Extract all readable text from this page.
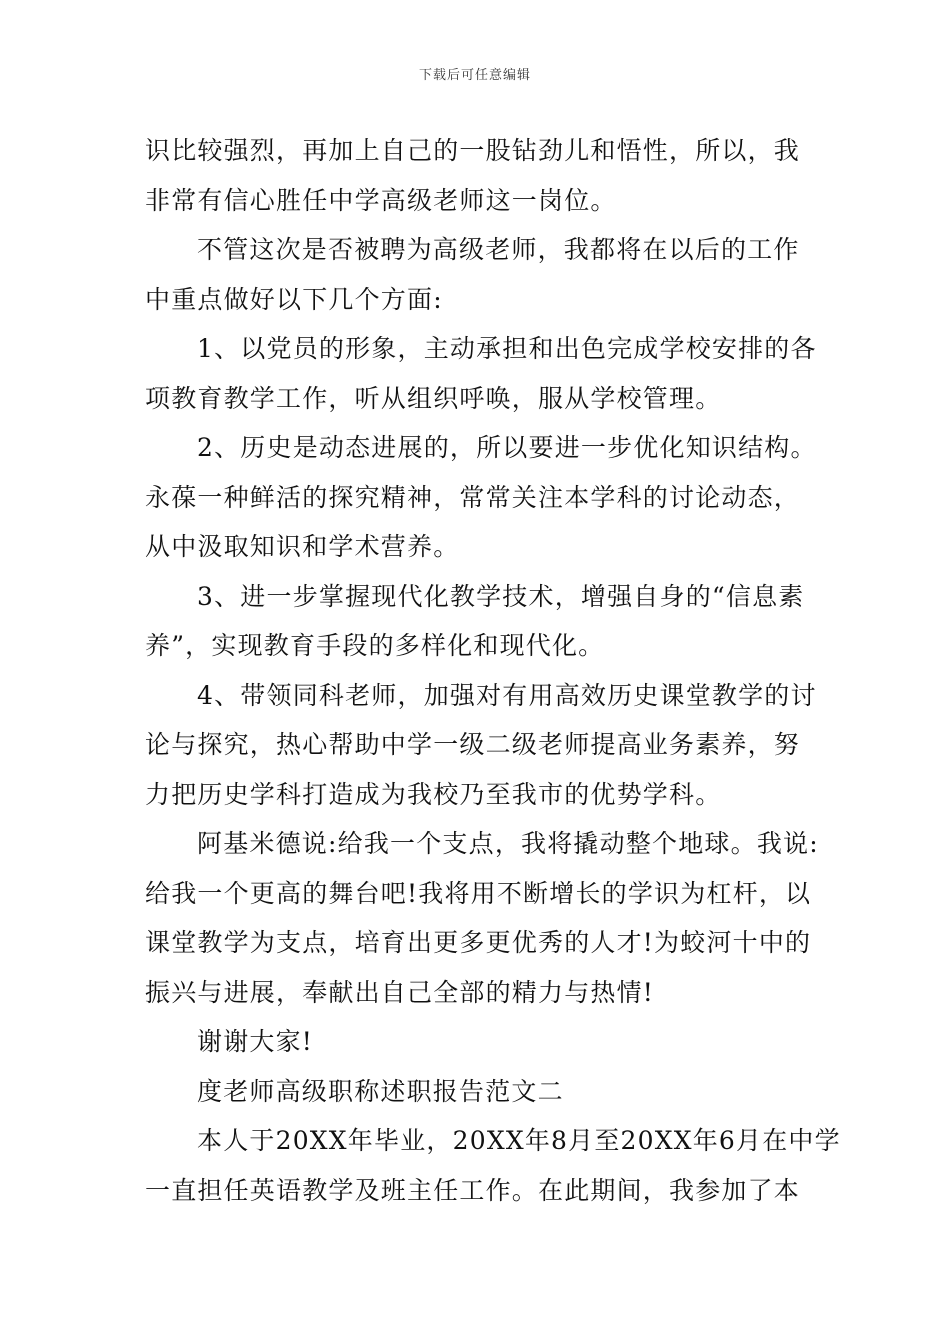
下载后可任意编辑

识比较强烈，再加上自己的一股钻劲儿和悟性，所以，我
非常有信心胜任中学高级老师这一岗位。

不管这次是否被聘为高级老师，我都将在以后的工作
中重点做好以下几个方面:

1、以党员的形象，主动承担和出色完成学校安排的各
项教育教学工作，听从组织呼唤，服从学校管理。

2、历史是动态进展的，所以要进一步优化知识结构。
永葆一种鲜活的探究精神，常常关注本学科的讨论动态，
从中汲取知识和学术营养。

3、进一步掌握现代化教学技术，增强自身的“信息素
养”，实现教育手段的多样化和现代化。

4、带领同科老师，加强对有用高效历史课堂教学的讨
论与探究，热心帮助中学一级二级老师提高业务素养，努
力把历史学科打造成为我校乃至我市的优势学科。

阿基米德说:给我一个支点，我将撬动整个地球。我说:
给我一个更高的舞台吧!我将用不断增长的学识为杠杆，以
课堂教学为支点，培育出更多更优秀的人才!为蛟河十中的
振兴与进展，奉献出自己全部的精力与热情!

谢谢大家!

度老师高级职称述职报告范文二

本人于20XX年毕业，20XX年8月至20XX年6月在中学
一直担任英语教学及班主任工作。在此期间，我参加了本
